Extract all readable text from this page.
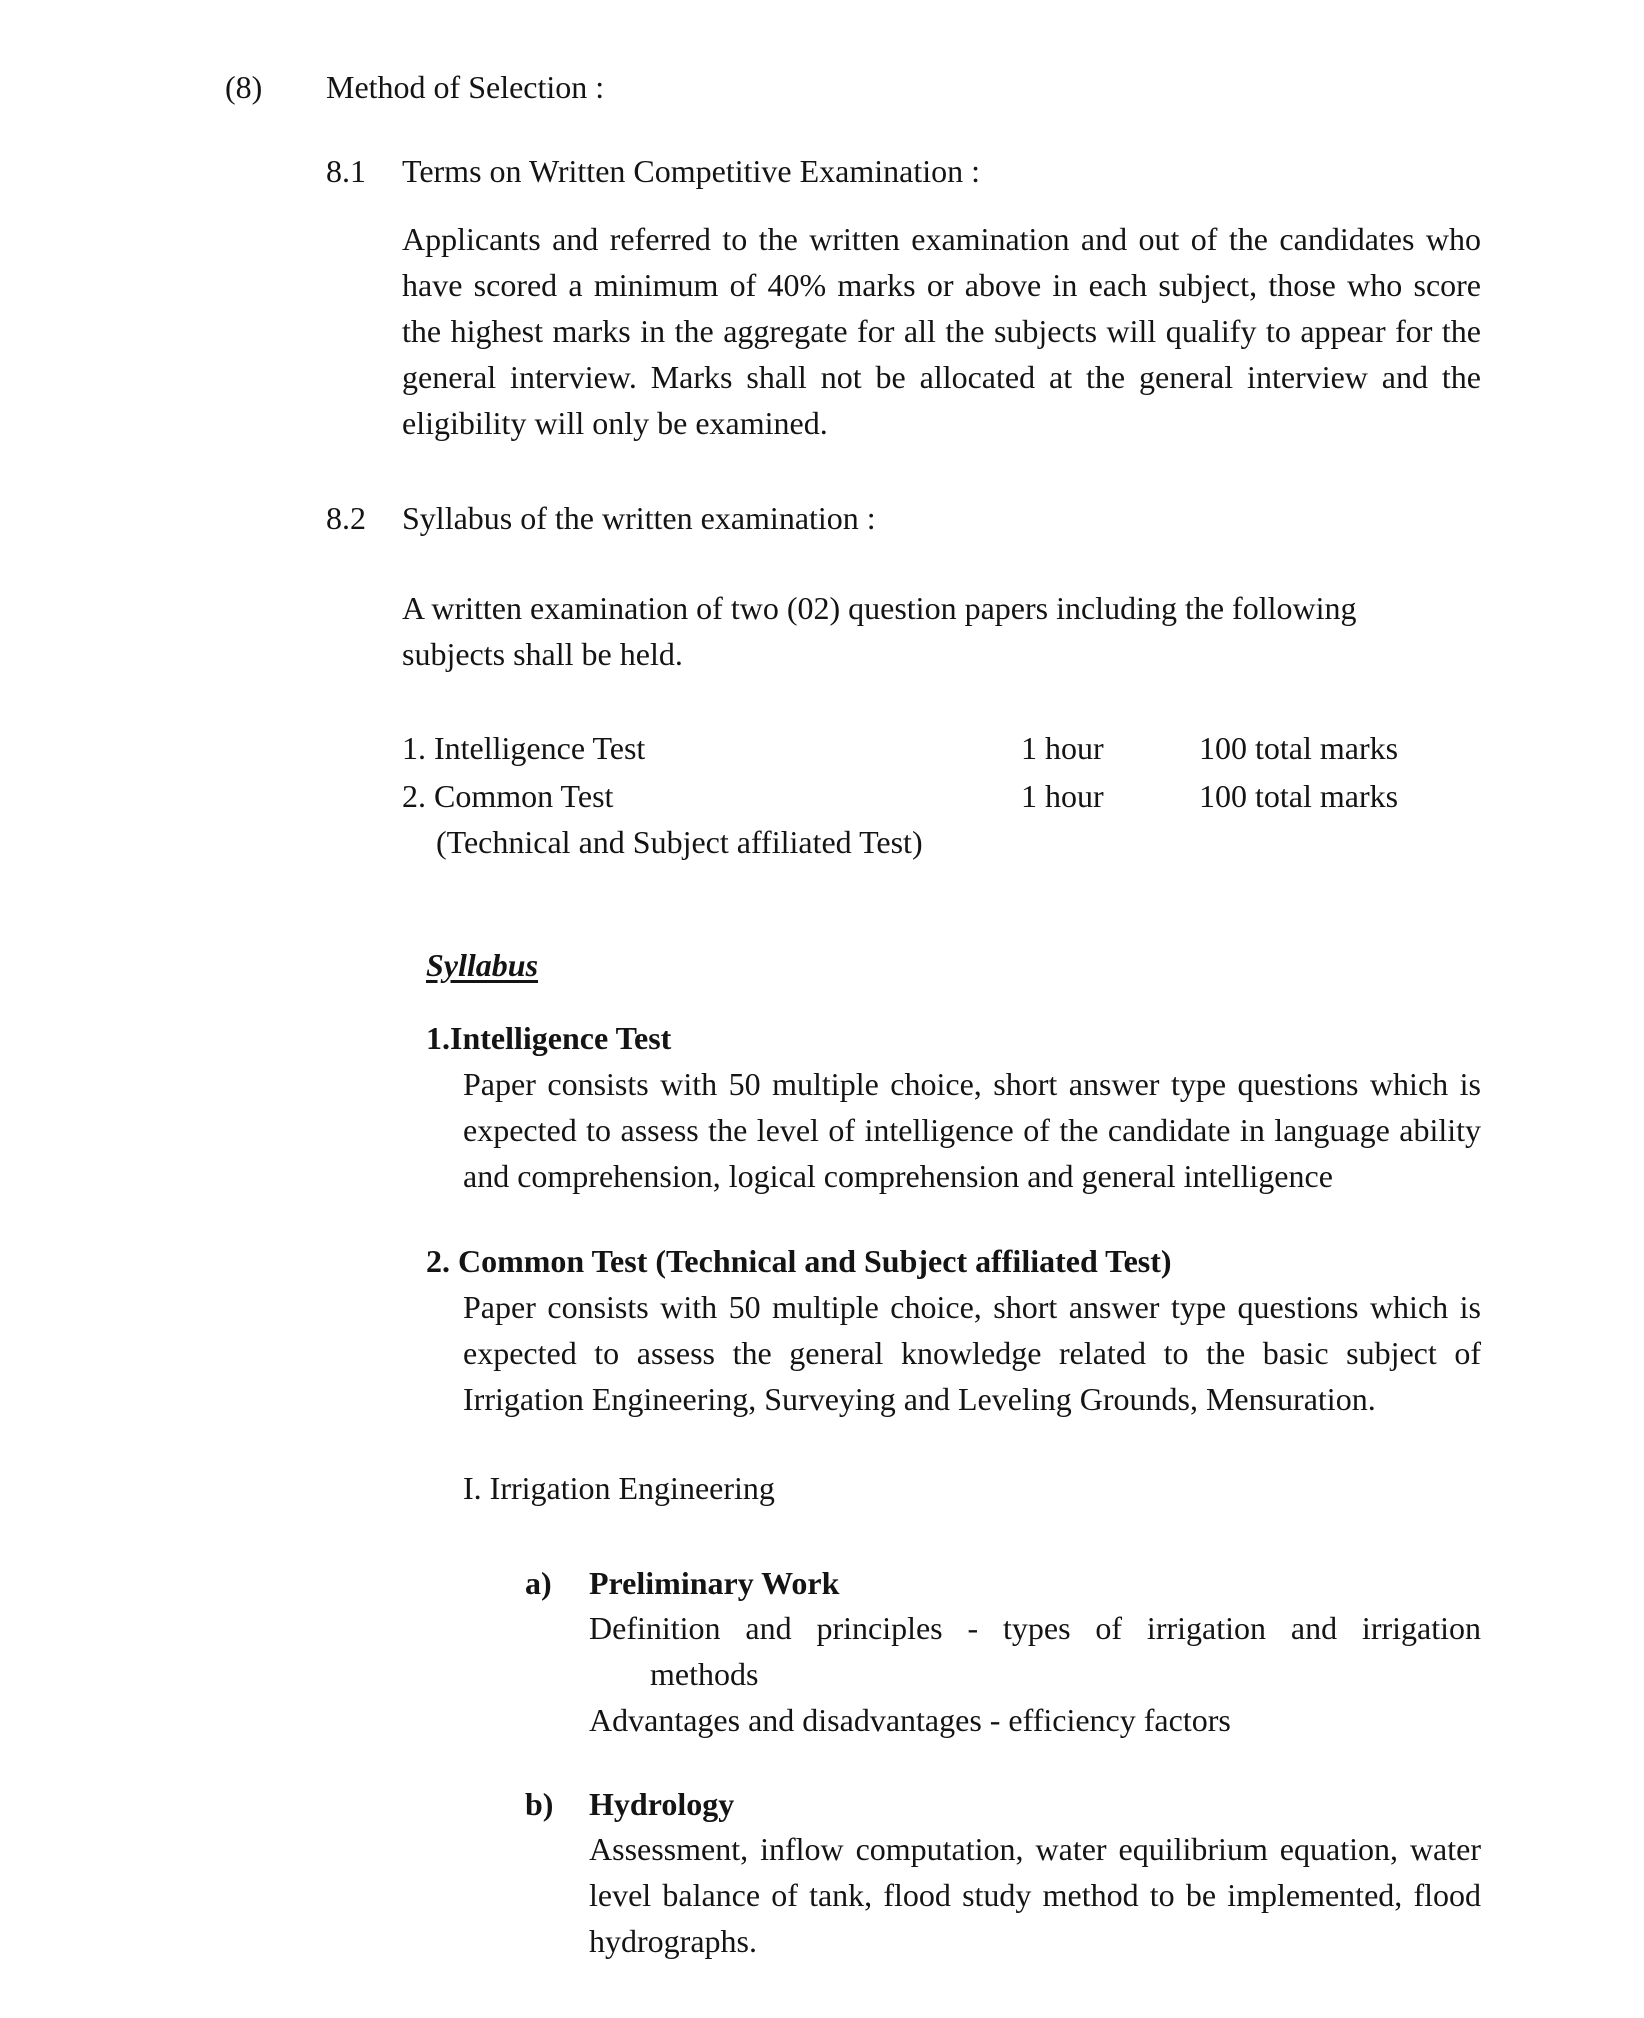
(8) Method of Selection :
8.1 Terms on Written Competitive Examination :
Applicants and referred to the written examination and out of the candidates who have scored a minimum of 40% marks or above in each subject, those who score the highest marks in the aggregate for all the subjects will qualify to appear for the general interview. Marks shall not be allocated at the general interview and the eligibility will only be examined.
8.2 Syllabus of the written examination :
A written examination of two (02) question papers including the following subjects shall be held.
1. Intelligence Test	1 hour	100 total marks
2. Common Test	1 hour	100 total marks
(Technical and Subject affiliated Test)
Syllabus
1.Intelligence Test
Paper consists with 50 multiple choice, short answer type questions which is expected to assess the level of intelligence of the candidate in language ability and comprehension, logical comprehension and general intelligence
2. Common Test (Technical and Subject affiliated Test)
Paper consists with 50 multiple choice, short answer type questions which is expected to assess the general knowledge related to the basic subject of Irrigation Engineering, Surveying and Leveling Grounds, Mensuration.
I. Irrigation Engineering
a) Preliminary Work
Definition and principles - types of irrigation and irrigation
methods
Advantages and disadvantages - efficiency factors
b) Hydrology
Assessment, inflow computation, water equilibrium equation, water level balance of tank, flood study method to be implemented, flood hydrographs.
